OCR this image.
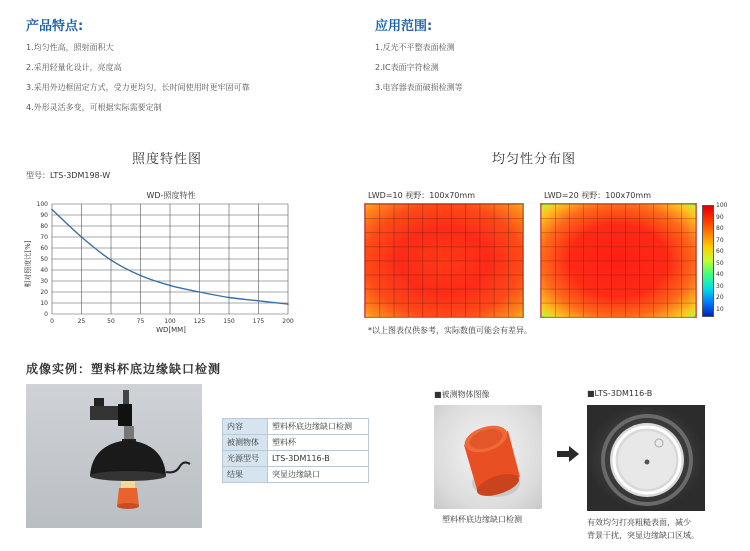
产品特点:
1.均匀性高，照射面积大
2.采用轻量化设计，亮度高
3.采用外边框固定方式，受力更均匀，长时间使用时更牢固可靠
4.外形灵活多变，可根据实际需要定制
应用范围:
1.反光不平整表面检测
2.IC表面字符检测
3.电容器表面破损检测等
照度特性图
型号：LTS-3DM198-W
WD-照度特性
0
10
20
30
40
50
60
70
80
90
100
0	25	50	75	100	125	150	175	200
WD[MM]
相对照度比[%]
均匀性分布图
LWD=10 视野：100x70mm	LWD=20 视野：100x70mm
100
90
80
70
60
50
40
30
20
10
*以上图表仅供参考，实际数值可能会有差异。
成像实例：塑料杯底边缘缺口检测
内容	塑料杯底边缘缺口检测
被测物体	塑料杯
光源型号	LTS-3DM116-B
结果	突显边缘缺口
■被测物体图像
塑料杯底边缘缺口检测
■LTS-3DM116-B
有效均匀打亮粗糙表面，减少
背景干扰，突显边缘缺口区域。
